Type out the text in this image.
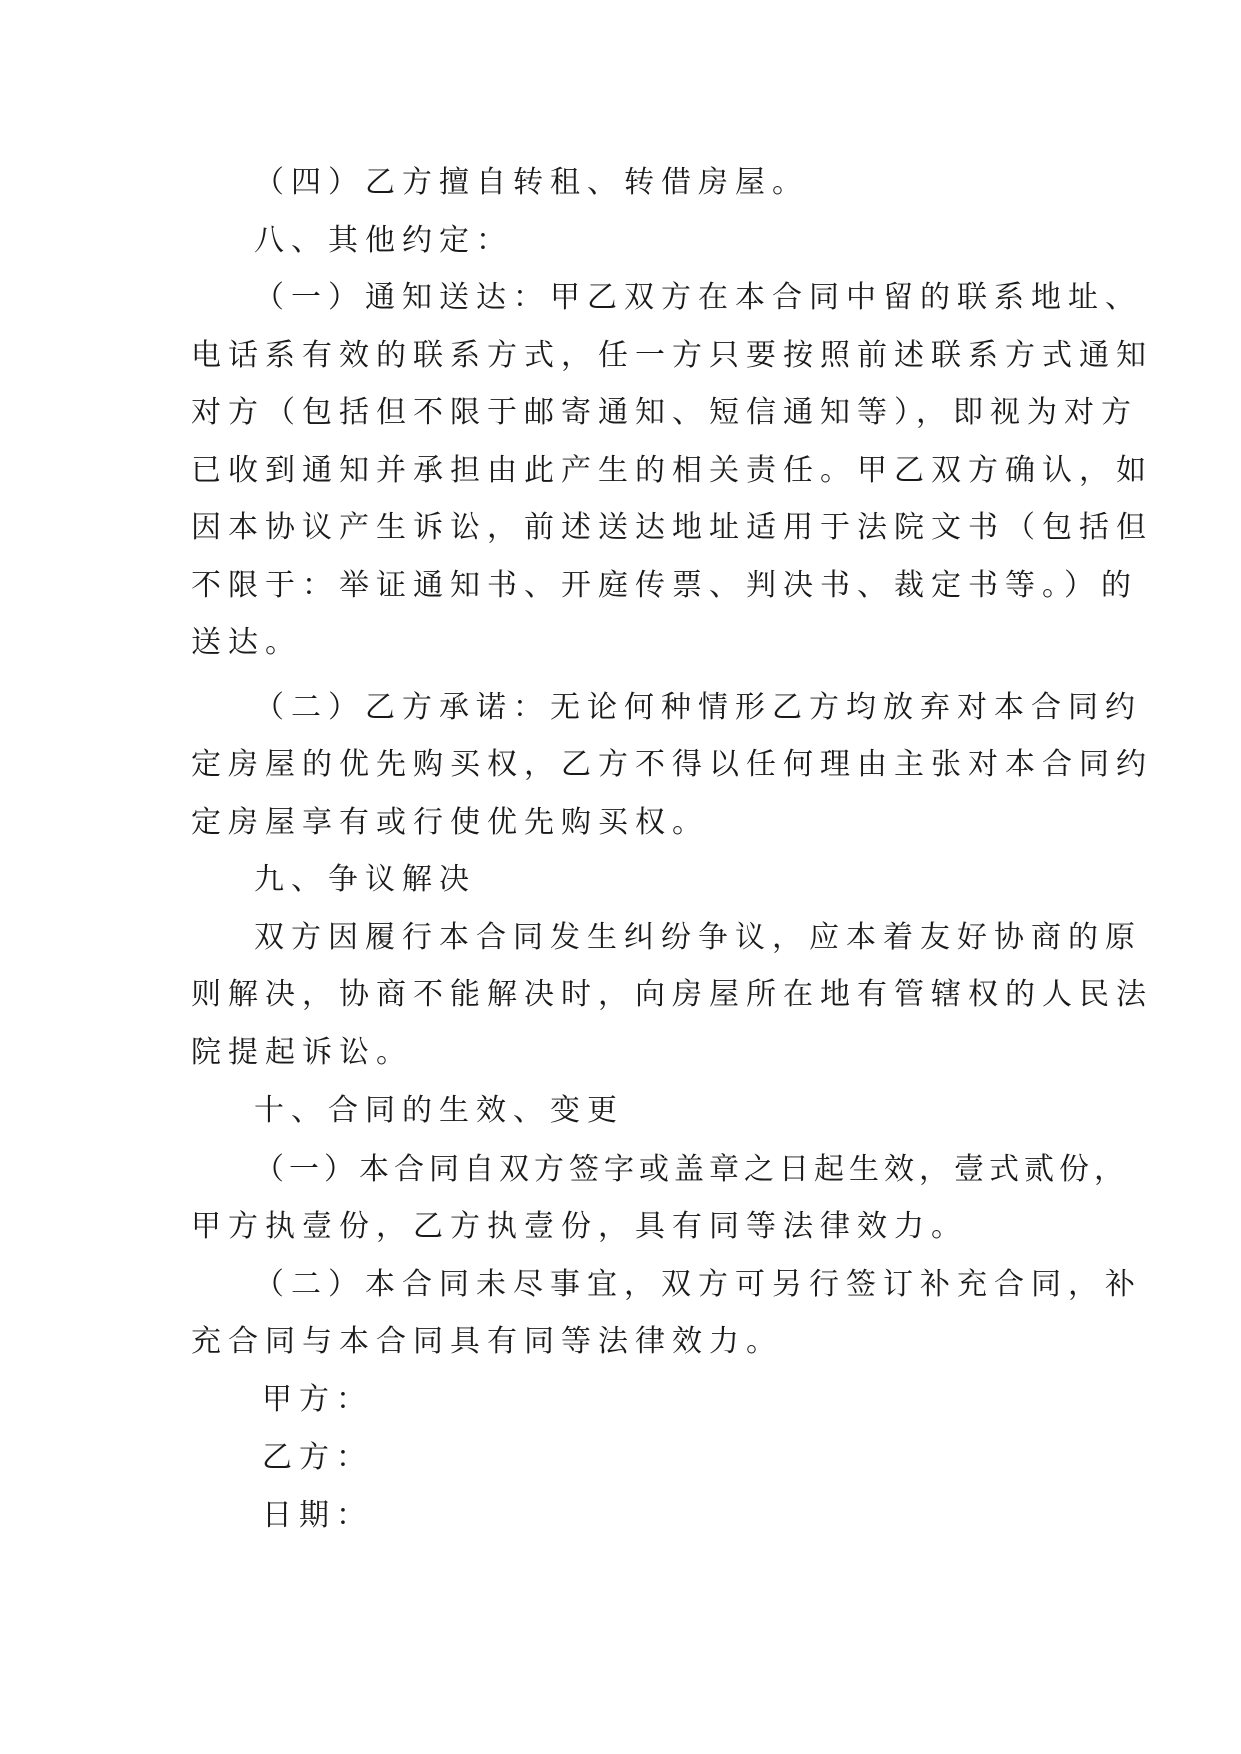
（四）乙方擅自转租、转借房屋。
八、其他约定：
（一）通知送达：甲乙双方在本合同中留的联系地址、
电话系有效的联系方式，任一方只要按照前述联系方式通知
对方（包括但不限于邮寄通知、短信通知等），即视为对方
已收到通知并承担由此产生的相关责任。甲乙双方确认，如
因本协议产生诉讼，前述送达地址适用于法院文书（包括但
不限于：举证通知书、开庭传票、判决书、裁定书等。）的
送达。
（二）乙方承诺：无论何种情形乙方均放弃对本合同约
定房屋的优先购买权，乙方不得以任何理由主张对本合同约
定房屋享有或行使优先购买权。
九、争议解决
双方因履行本合同发生纠纷争议，应本着友好协商的原
则解决，协商不能解决时，向房屋所在地有管辖权的人民法
院提起诉讼。
十、合同的生效、变更
（一）本合同自双方签字或盖章之日起生效，壹式贰份，
甲方执壹份，乙方执壹份，具有同等法律效力。
（二）本合同未尽事宜，双方可另行签订补充合同，补
充合同与本合同具有同等法律效力。
甲方：
乙方：
日期：
